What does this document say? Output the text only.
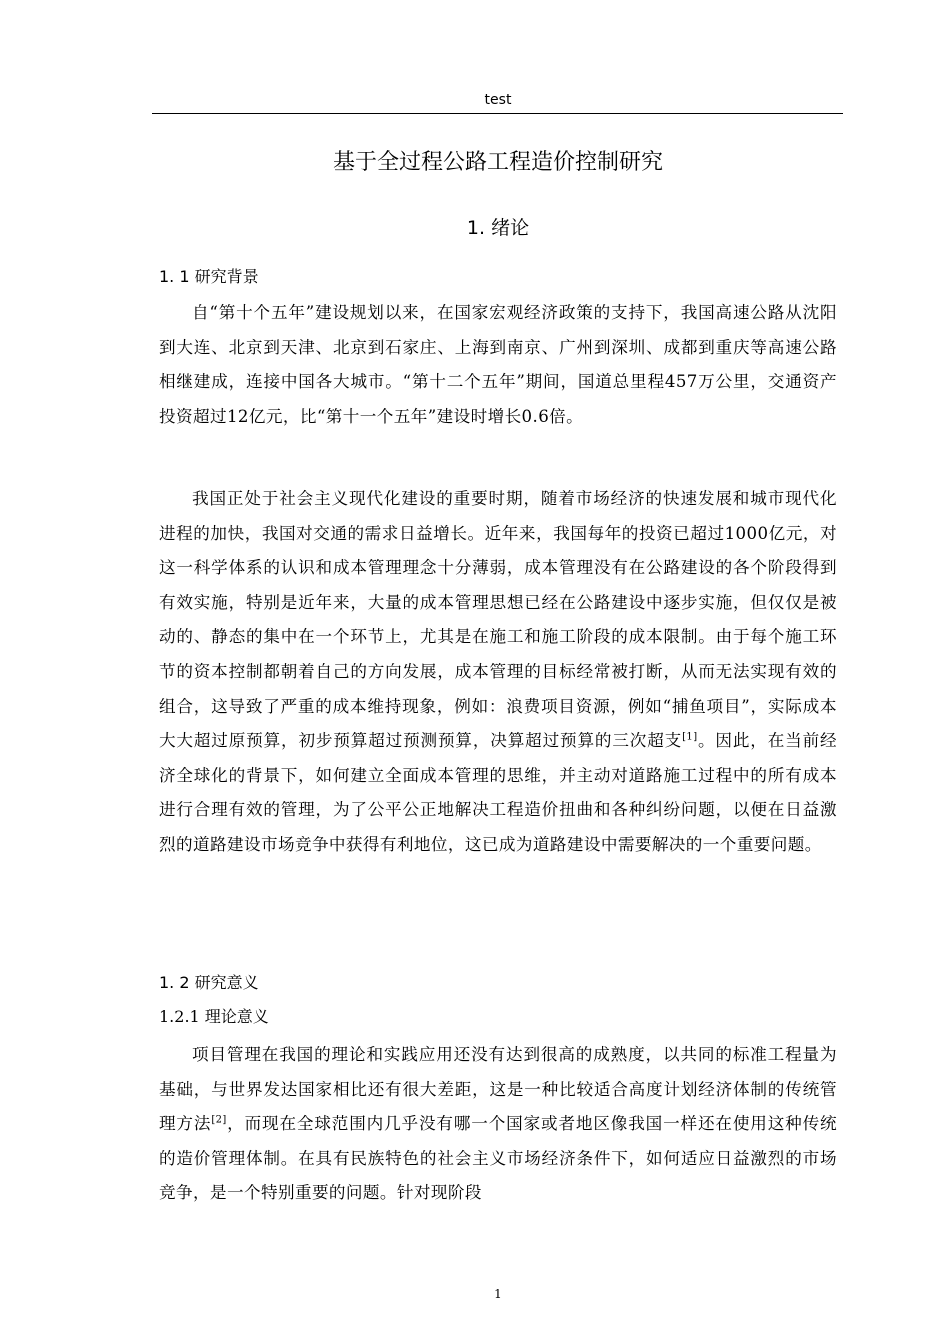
test
基于全过程公路工程造价控制研究
1. 绪论
1. 1 研究背景

自“第十个五年”建设规划以来，在国家宏观经济政策的支持下，我国高速公路从沈阳到大连、北京到天津、北京到石家庄、上海到南京、广州到深圳、成都到重庆等高速公路相继建成，连接中国各大城市。“第十二个五年”期间，国道总里程457万公里，交通资产投资超过12亿元，比“第十一个五年”建设时增长0.6倍。

我国正处于社会主义现代化建设的重要时期，随着市场经济的快速发展和城市现代化进程的加快，我国对交通的需求日益增长。近年来，我国每年的投资已超过1000亿元，对这一科学体系的认识和成本管理理念十分薄弱，成本管理没有在公路建设的各个阶段得到有效实施，特别是近年来，大量的成本管理思想已经在公路建设中逐步实施，但仅仅是被动的、静态的集中在一个环节上，尤其是在施工和施工阶段的成本限制。由于每个施工环节的资本控制都朝着自己的方向发展，成本管理的目标经常被打断，从而无法实现有效的组合，这导致了严重的成本维持现象，例如：浪费项目资源，例如“捕鱼项目”，实际成本大大超过原预算，初步预算超过预测预算，决算超过预算的三次超支[1]。因此，在当前经济全球化的背景下，如何建立全面成本管理的思维，并主动对道路施工过程中的所有成本进行合理有效的管理，为了公平公正地解决工程造价扭曲和各种纠纷问题，以便在日益激烈的道路建设市场竞争中获得有利地位，这已成为道路建设中需要解决的一个重要问题。

1. 2 研究意义
1.2.1 理论意义

项目管理在我国的理论和实践应用还没有达到很高的成熟度，以共同的标准工程量为基础，与世界发达国家相比还有很大差距，这是一种比较适合高度计划经济体制的传统管理方法[2]，而现在全球范围内几乎没有哪一个国家或者地区像我国一样还在使用这种传统的造价管理体制。在具有民族特色的社会主义市场经济条件下，如何适应日益激烈的市场竞争，是一个特别重要的问题。针对现阶段

1
